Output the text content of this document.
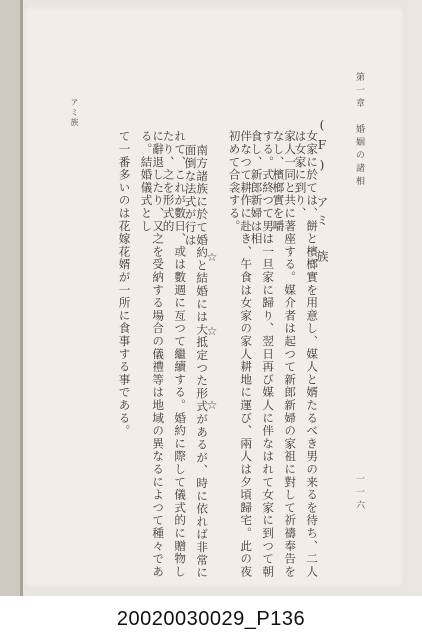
第一章　婚姻の諸相
一一六
アミ族
(F)　アミ　族
女家に於ては、餅と檳榔實を用意し、媒人と婿たるべき男の来るを待ち、二人は女家に到り、
家人一同と共に著座する。媒介者は起つて新郎新婦の家祖に對して祈禱奉告をなし、檳榔實を嚼
する。式終つて男は一旦家に歸り、翌日再び媒人に伴なはれて女家に到つて朝食し、新郎新婦は相
伴なつて耕作に赴き、午食は女家の家人耕地に運び、兩人は夕頃歸宅。此の夜初めて合衾する。
☆　☆　☆
南方諸族に於て婚約と結婚には大抵定つた形式があるが、時に依れば非常に面倒な法式が行は
れて、これが數日、或は數週に亙つて繼續する。婚約に際して儀式的に贈物したり、之を形式的
に辭退したり、又之を受納する場合の儀禮等は地域の異なるによつて種々である。結婚儀式とし
て一番多いのは花嫁花婿が一所に食事する事である。
20020030029_P136
